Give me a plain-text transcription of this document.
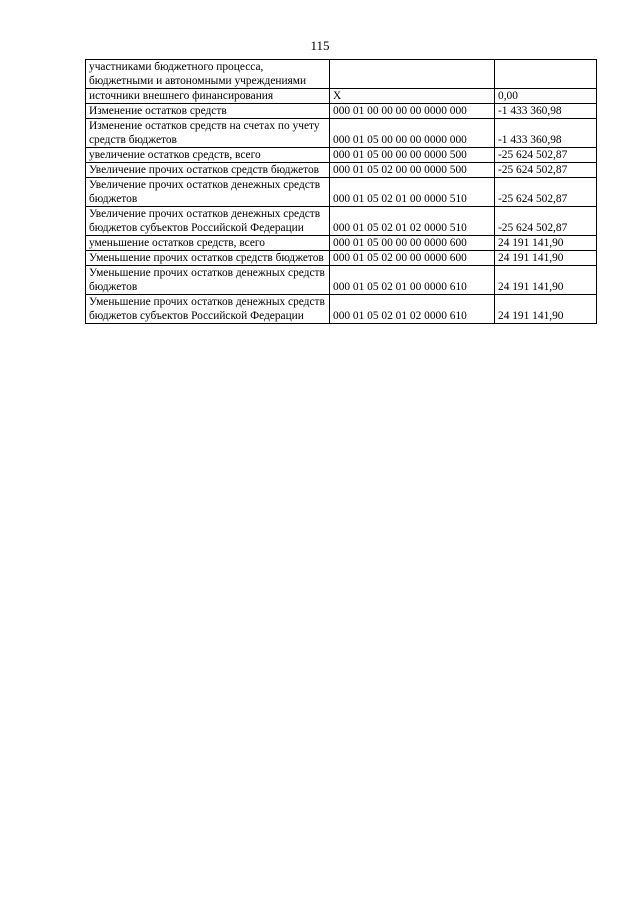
115
участниками бюджетного процесса, бюджетными и автономными учреждениями		
источники внешнего финансирования	X	0,00
Изменение остатков средств	000 01 00 00 00 00 0000 000	-1 433 360,98
Изменение остатков средств на счетах по учету средств бюджетов	000 01 05 00 00 00 0000 000	-1 433 360,98
увеличение остатков средств, всего	000 01 05 00 00 00 0000 500	-25 624 502,87
Увеличение прочих остатков средств бюджетов	000 01 05 02 00 00 0000 500	-25 624 502,87
Увеличение прочих остатков денежных средств бюджетов	000 01 05 02 01 00 0000 510	-25 624 502,87
Увеличение прочих остатков денежных средств бюджетов субъектов Российской Федерации	000 01 05 02 01 02 0000 510	-25 624 502,87
уменьшение остатков средств, всего	000 01 05 00 00 00 0000 600	24 191 141,90
Уменьшение прочих остатков средств бюджетов	000 01 05 02 00 00 0000 600	24 191 141,90
Уменьшение прочих остатков денежных средств бюджетов	000 01 05 02 01 00 0000 610	24 191 141,90
Уменьшение прочих остатков денежных средств бюджетов субъектов Российской Федерации	000 01 05 02 01 02 0000 610	24 191 141,90
